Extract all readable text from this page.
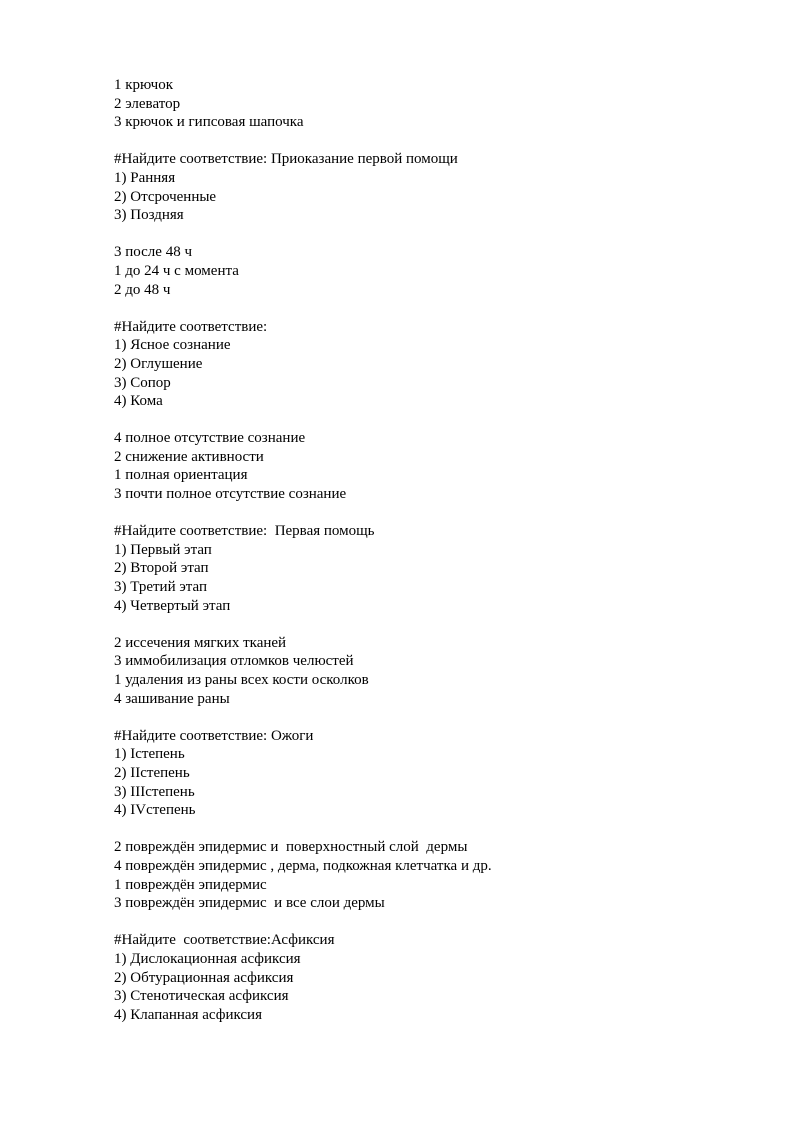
1 крючок
2 элеватор
3 крючок и гипсовая шапочка
#Найдите соответствие: Приоказание первой помощи
1) Ранняя
2) Отсроченные
3) Поздняя
3 после 48 ч
1 до 24 ч с момента
2 до 48 ч
#Найдите соответствие:
1) Ясное сознание
2) Оглушение
3) Сопор
4) Кома
4 полное отсутствие сознание
2 снижение активности
1 полная ориентация
3 почти полное отсутствие сознание
#Найдите соответствие:  Первая помощь
1) Первый этап
2) Второй этап
3) Третий этап
4) Четвертый этап
2 иссечения мягких тканей
3 иммобилизация отломков челюстей
1 удаления из раны всех кости осколков
4 зашивание раны
#Найдите соответствие: Ожоги
1) Iстепень
2) IIстепень
3) IIIстепень
4) IVстепень
2 повреждён эпидермис и  поверхностный слой  дермы
4 повреждён эпидермис , дерма, подкожная клетчатка и др.
1 повреждён эпидермис
3 повреждён эпидермис  и все слои дермы
#Найдите  соответствие:Асфиксия
1) Дислокационная асфиксия
2) Обтурационная асфиксия
3) Стенотическая асфиксия
4) Клапанная асфиксия
